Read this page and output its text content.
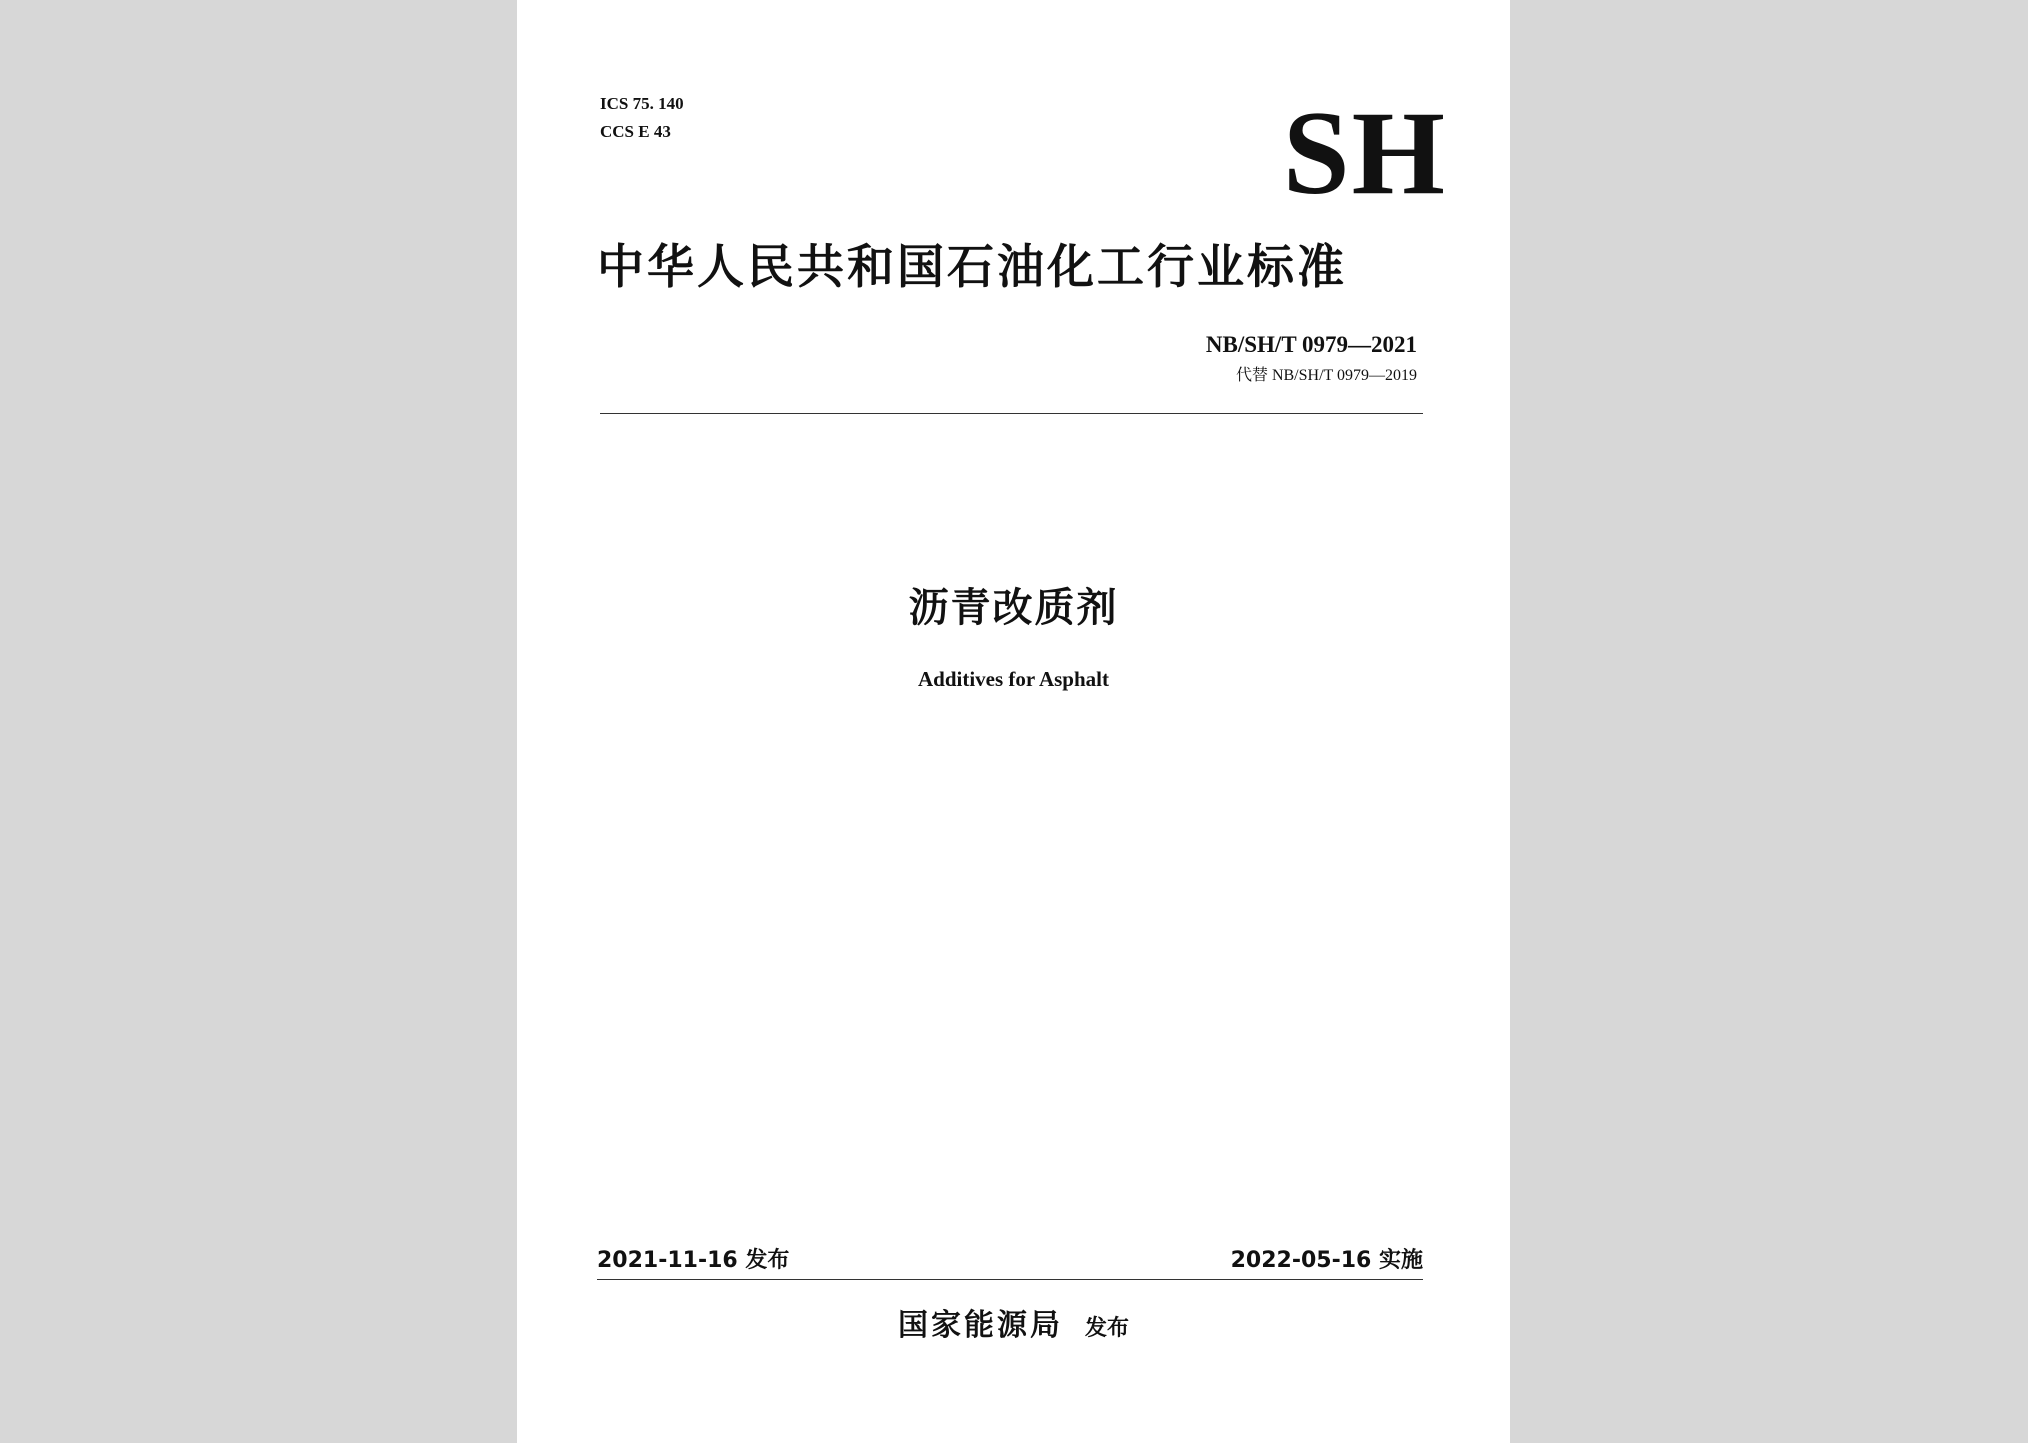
ICS 75. 140
CCS E 43	SH
中华人民共和国石油化工行业标准
NB/SH/T 0979—2021
代替 NB/SH/T 0979—2019
沥青改质剂
Additives for Asphalt
2021-11-16 发布	2022-05-16 实施
国家能源局 发布
